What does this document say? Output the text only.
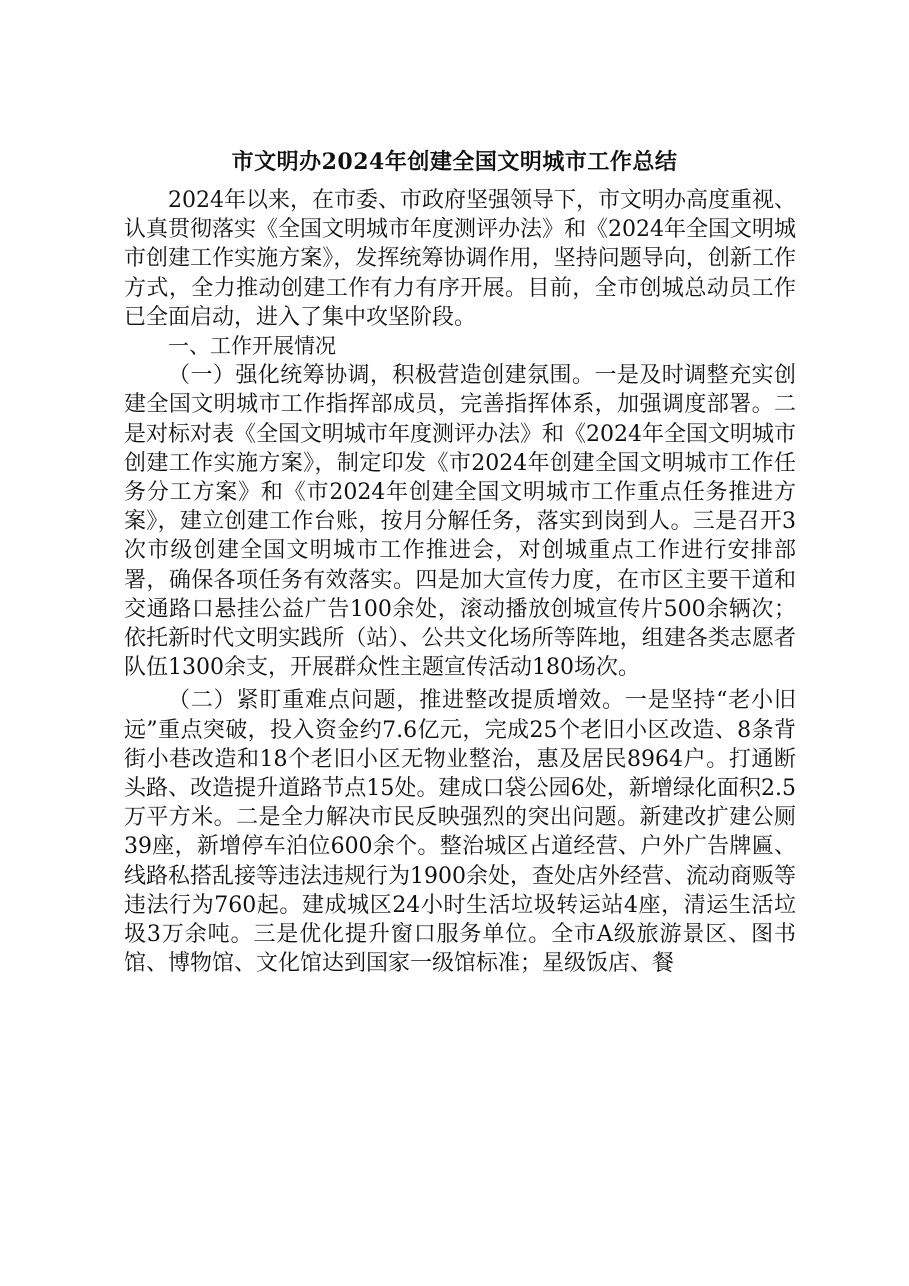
市文明办2024年创建全国文明城市工作总结

2024年以来，在市委、市政府坚强领导下，市文明办高度重视、认真贯彻落实《全国文明城市年度测评办法》和《2024年全国文明城市创建工作实施方案》，发挥统筹协调作用，坚持问题导向，创新工作方式，全力推动创建工作有力有序开展。目前，全市创城总动员工作已全面启动，进入了集中攻坚阶段。

一、工作开展情况

（一）强化统筹协调，积极营造创建氛围。一是及时调整充实创建全国文明城市工作指挥部成员，完善指挥体系，加强调度部署。二是对标对表《全国文明城市年度测评办法》和《2024年全国文明城市创建工作实施方案》，制定印发《市2024年创建全国文明城市工作任务分工方案》和《市2024年创建全国文明城市工作重点任务推进方案》，建立创建工作台账，按月分解任务，落实到岗到人。三是召开3次市级创建全国文明城市工作推进会，对创城重点工作进行安排部署，确保各项任务有效落实。四是加大宣传力度，在市区主要干道和交通路口悬挂公益广告100余处，滚动播放创城宣传片500余辆次；依托新时代文明实践所（站）、公共文化场所等阵地，组建各类志愿者队伍1300余支，开展群众性主题宣传活动180场次。

（二）紧盯重难点问题，推进整改提质增效。一是坚持“老小旧远”重点突破，投入资金约7.6亿元，完成25个老旧小区改造、8条背街小巷改造和18个老旧小区无物业整治，惠及居民8964户。打通断头路、改造提升道路节点15处。建成口袋公园6处，新增绿化面积2.5万平方米。二是全力解决市民反映强烈的突出问题。新建改扩建公厕39座，新增停车泊位600余个。整治城区占道经营、户外广告牌匾、线路私搭乱接等违法违规行为1900余处，查处店外经营、流动商贩等违法行为760起。建成城区24小时生活垃圾转运站4座，清运生活垃圾3万余吨。三是优化提升窗口服务单位。全市A级旅游景区、图书馆、博物馆、文化馆达到国家一级馆标准；星级饭店、餐
